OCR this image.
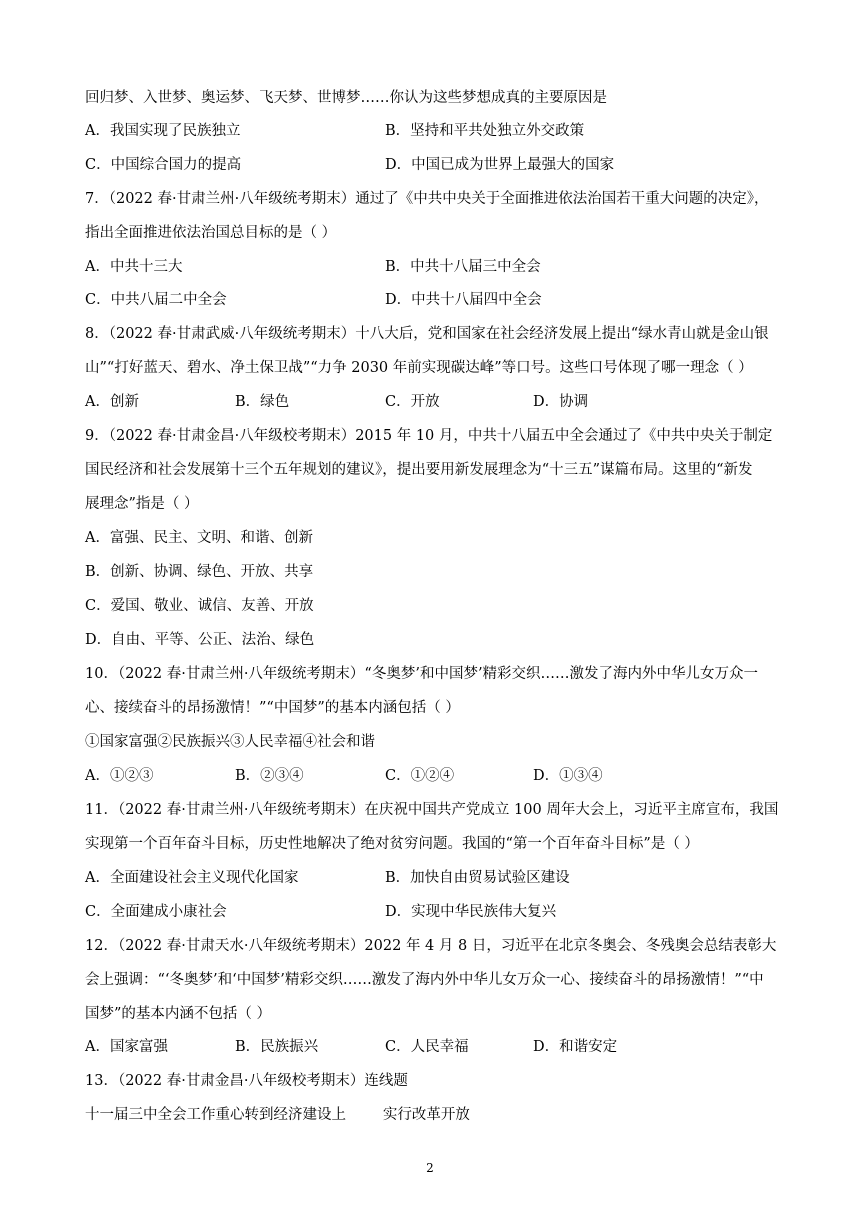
回归梦、入世梦、奥运梦、飞天梦、世博梦……你认为这些梦想成真的主要原因是
A．我国实现了民族独立	B．坚持和平共处独立外交政策
C．中国综合国力的提高	D．中国已成为世界上最强大的国家
7．（2022 春·甘肃兰州·八年级统考期末）通过了《中共中央关于全面推进依法治国若干重大问题的决定》，
指出全面推进依法治国总目标的是（ ）
A．中共十三大	B．中共十八届三中全会
C．中共八届二中全会	D．中共十八届四中全会
8．（2022 春·甘肃武威·八年级统考期末）十八大后，党和国家在社会经济发展上提出“绿水青山就是金山银
山”“打好蓝天、碧水、净土保卫战”“力争 2030 年前实现碳达峰”等口号。这些口号体现了哪一理念（ ）
A．创新	B．绿色	C．开放	D．协调
9．（2022 春·甘肃金昌·八年级校考期末）2015 年 10 月，中共十八届五中全会通过了《中共中央关于制定
国民经济和社会发展第十三个五年规划的建议》，提出要用新发展理念为“十三五”谋篇布局。这里的“新发
展理念”指是（ ）
A．富强、民主、文明、和谐、创新
B．创新、协调、绿色、开放、共享
C．爱国、敬业、诚信、友善、开放
D．自由、平等、公正、法治、绿色
10．（2022 春·甘肃兰州·八年级统考期末）“冬奥梦’和中国梦’精彩交织……激发了海内外中华儿女万众一
心、接续奋斗的昂扬激情！”“中国梦”的基本内涵包括（ ）
①国家富强②民族振兴③人民幸福④社会和谐
A．①②③	B．②③④	C．①②④	D．①③④
11．（2022 春·甘肃兰州·八年级统考期末）在庆祝中国共产党成立 100 周年大会上，习近平主席宣布，我国
实现第一个百年奋斗目标，历史性地解决了绝对贫穷问题。我国的“第一个百年奋斗目标”是（ ）
A．全面建设社会主义现代化国家	B．加快自由贸易试验区建设
C．全面建成小康社会	D．实现中华民族伟大复兴
12．（2022 春·甘肃天水·八年级统考期末）2022 年 4 月 8 日，习近平在北京冬奥会、冬残奥会总结表彰大
会上强调：“‘冬奥梦’和‘中国梦’精彩交织……激发了海内外中华儿女万众一心、接续奋斗的昂扬激情！”“中
国梦”的基本内涵不包括（ ）
A．国家富强	B．民族振兴	C．人民幸福	D．和谐安定
13．（2022 春·甘肃金昌·八年级校考期末）连线题
十一届三中全会工作重心转到经济建设上        实行改革开放
2
